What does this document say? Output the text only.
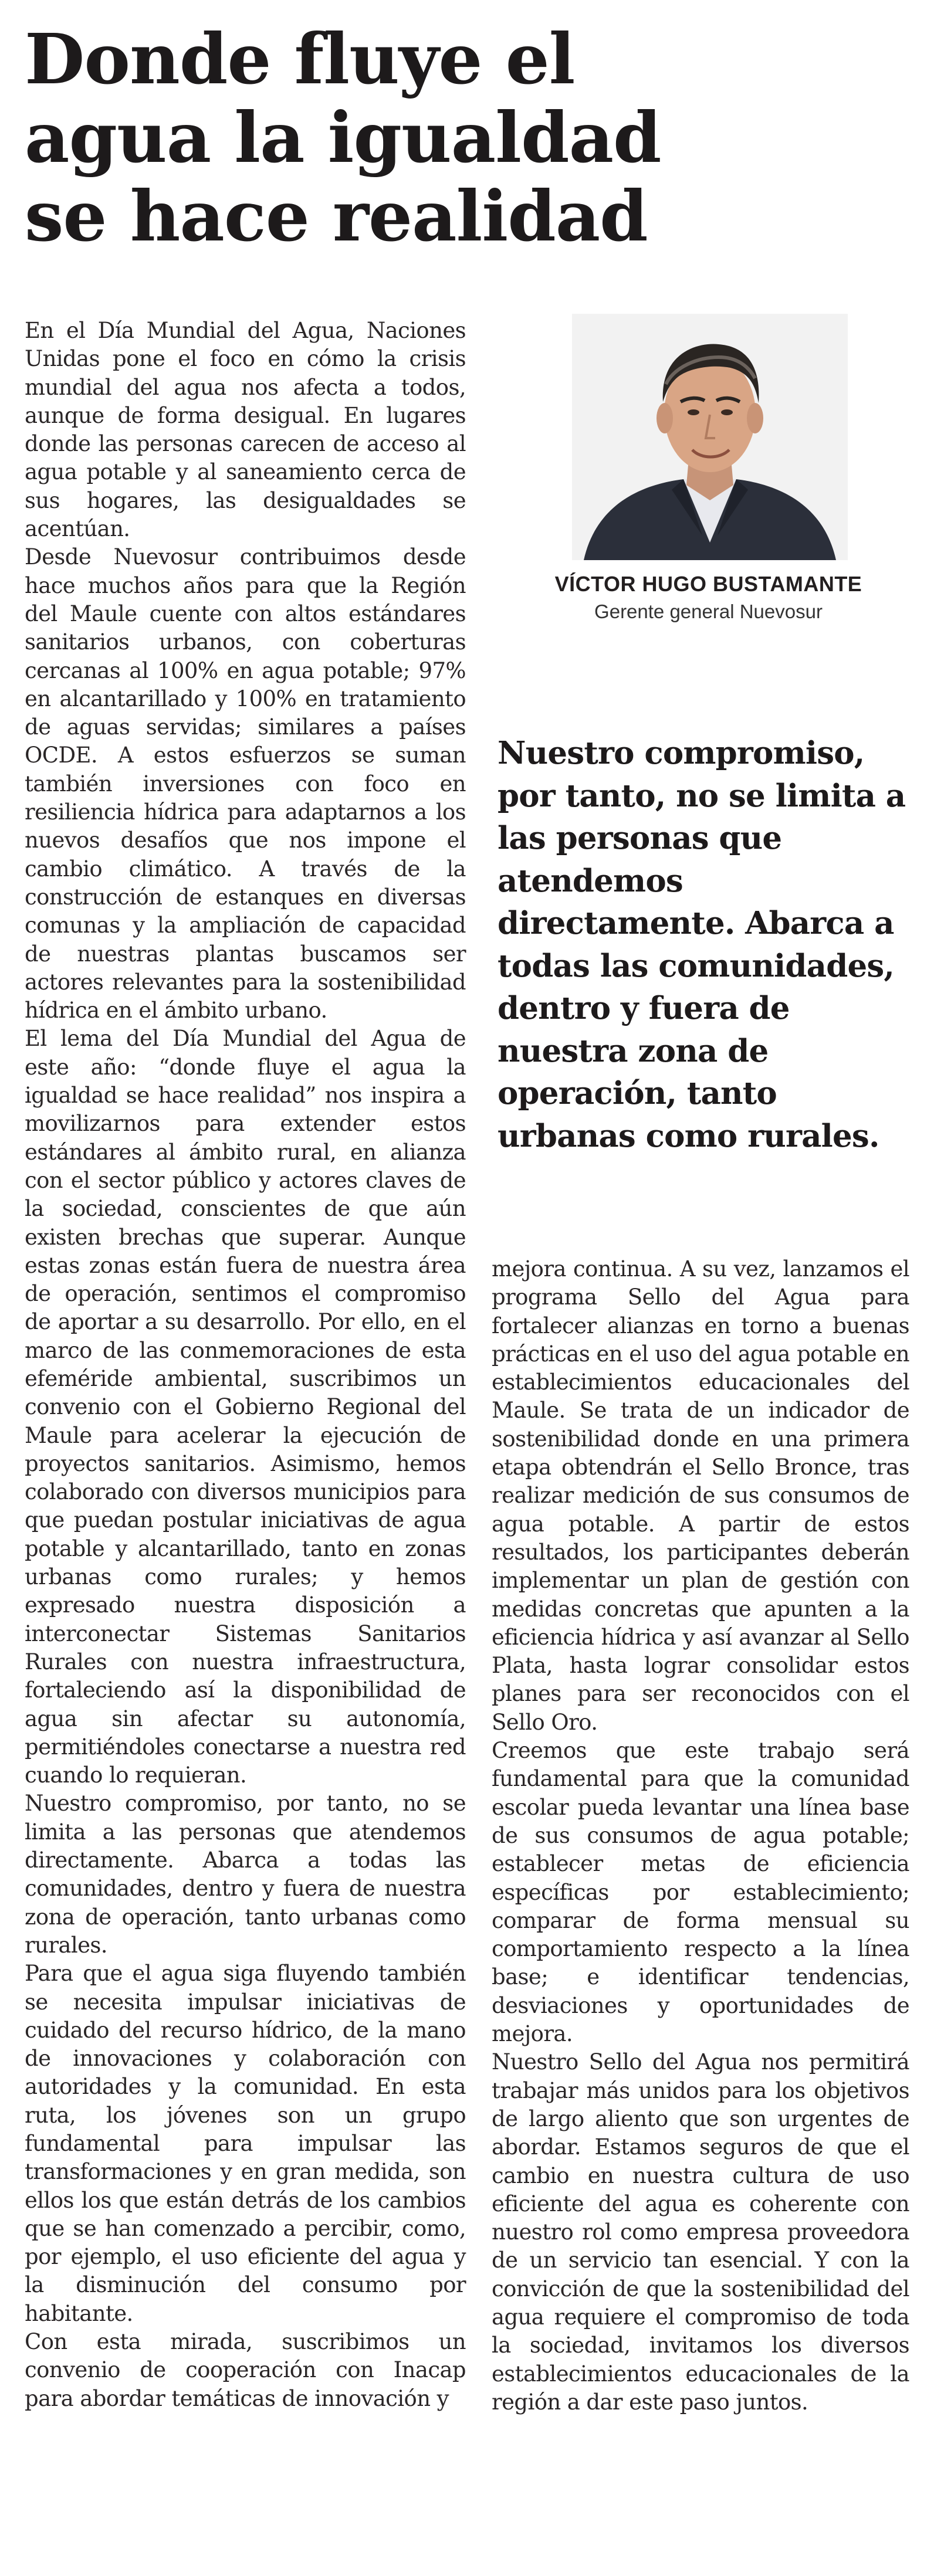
Donde fluye el agua la igualdad se hace realidad

En el Día Mundial del Agua, Naciones Unidas pone el foco en cómo la crisis mundial del agua nos afecta a todos, aunque de forma desigual. En lugares donde las personas carecen de acceso al agua potable y al saneamiento cerca de sus hogares, las desigualdades se acentúan.

Desde Nuevosur contribuimos desde hace muchos años para que la Región del Maule cuente con altos estándares sanitarios urbanos, con coberturas cercanas al 100% en agua potable; 97% en alcantarillado y 100% en tratamiento de aguas servidas; similares a países OCDE. A estos esfuerzos se suman también inversiones con foco en resiliencia hídrica para adaptarnos a los nuevos desafíos que nos impone el cambio climático. A través de la construcción de estanques en diversas comunas y la ampliación de capacidad de nuestras plantas buscamos ser actores relevantes para la sostenibilidad hídrica en el ámbito urbano.

El lema del Día Mundial del Agua de este año: “donde fluye el agua la igualdad se hace realidad” nos inspira a movilizarnos para extender estos estándares al ámbito rural, en alianza con el sector público y actores claves de la sociedad, conscientes de que aún existen brechas que superar. Aunque estas zonas están fuera de nuestra área de operación, sentimos el compromiso de aportar a su desarrollo. Por ello, en el marco de las conmemoraciones de esta efeméride ambiental, suscribimos un convenio con el Gobierno Regional del Maule para acelerar la ejecución de proyectos sanitarios. Asimismo, hemos colaborado con diversos municipios para que puedan postular iniciativas de agua potable y alcantarillado, tanto en zonas urbanas como rurales; y hemos expresado nuestra disposición a interconectar Sistemas Sanitarios Rurales con nuestra infraestructura, fortaleciendo así la disponibilidad de agua sin afectar su autonomía, permitiéndoles conectarse a nuestra red cuando lo requieran.

Nuestro compromiso, por tanto, no se limita a las personas que atendemos directamente. Abarca a todas las comunidades, dentro y fuera de nuestra zona de operación, tanto urbanas como rurales.

Para que el agua siga fluyendo también se necesita impulsar iniciativas de cuidado del recurso hídrico, de la mano de innovaciones y colaboración con autoridades y la comunidad. En esta ruta, los jóvenes son un grupo fundamental para impulsar las transformaciones y en gran medida, son ellos los que están detrás de los cambios que se han comenzado a percibir, como, por ejemplo, el uso eficiente del agua y la disminución del consumo por habitante.

Con esta mirada, suscribimos un convenio de cooperación con Inacap para abordar temáticas de innovación y

VÍCTOR HUGO BUSTAMANTE
Gerente general Nuevosur

Nuestro compromiso, por tanto, no se limita a las personas que atendemos directamente. Abarca a todas las comunidades, dentro y fuera de nuestra zona de operación, tanto urbanas como rurales.

mejora continua. A su vez, lanzamos el programa Sello del Agua para fortalecer alianzas en torno a buenas prácticas en el uso del agua potable en establecimientos educacionales del Maule. Se trata de un indicador de sostenibilidad donde en una primera etapa obtendrán el Sello Bronce, tras realizar medición de sus consumos de agua potable. A partir de estos resultados, los participantes deberán implementar un plan de gestión con medidas concretas que apunten a la eficiencia hídrica y así avanzar al Sello Plata, hasta lograr consolidar estos planes para ser reconocidos con el Sello Oro.

Creemos que este trabajo será fundamental para que la comunidad escolar pueda levantar una línea base de sus consumos de agua potable; establecer metas de eficiencia específicas por establecimiento; comparar de forma mensual su comportamiento respecto a la línea base; e identificar tendencias, desviaciones y oportunidades de mejora.

Nuestro Sello del Agua nos permitirá trabajar más unidos para los objetivos de largo aliento que son urgentes de abordar. Estamos seguros de que el cambio en nuestra cultura de uso eficiente del agua es coherente con nuestro rol como empresa proveedora de un servicio tan esencial. Y con la convicción de que la sostenibilidad del agua requiere el compromiso de toda la sociedad, invitamos los diversos establecimientos educacionales de la región a dar este paso juntos.
